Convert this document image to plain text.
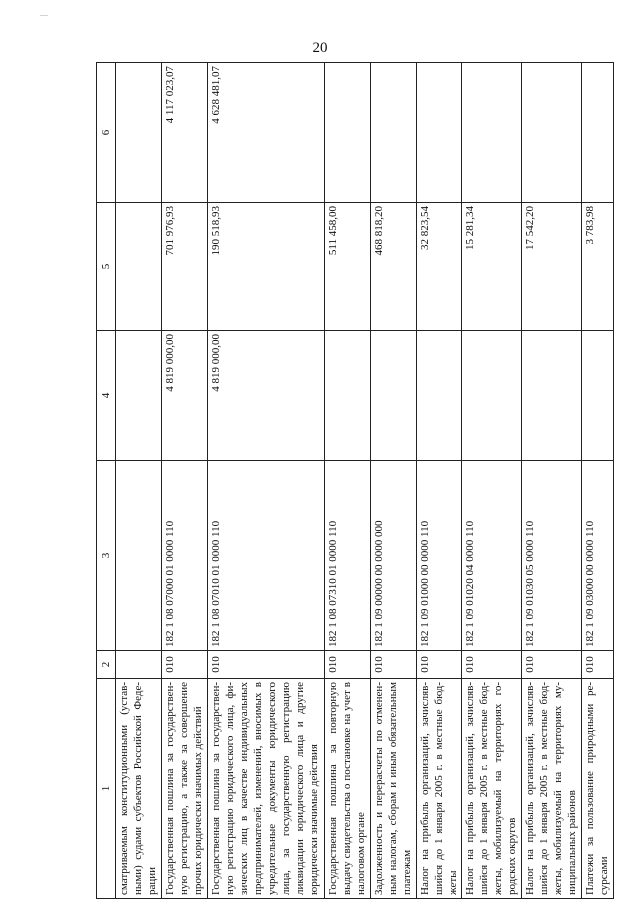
—
20
1	2	3	4	5	6
сматриваемым конституционными (устав-ными) судами субъектов Российской Феде-рации					
Государственная пошлина за государствен-ную регистрацию, а также за совершение прочих юридически значимых действий	010	182 1 08 07000 01 0000 110	4 819 000,00	701 976,93	4 117 023,07
Государственная пошлина за государствен-ную регистрацию юридического лица, фи-зических лиц в качестве индивидуальных предпринимателей, изменений, вносимых в учредительные документы юридического лица, за государственную регистрацию ликвидации юридического лица и другие юридически значимые действия	010	182 1 08 07010 01 0000 110	4 819 000,00	190 518,93	4 628 481,07
Государственная пошлина за повторную выдачу свидетельства о постановке на учет в налоговом органе	010	182 1 08 07310 01 0000 110		511 458,00	
Задолженность и перерасчеты по отменен-ным налогам, сборам и иным обязательным платежам	010	182 1 09 00000 00 0000 000		468 818,20	
Налог на прибыль организаций, зачисляв-шийся до 1 января 2005 г. в местные бюд-жеты	010	182 1 09 01000 00 0000 110		32 823,54	
Налог на прибыль организаций, зачисляв-шийся до 1 января 2005 г. в местные бюд-жеты, мобилизуемый на территориях го-родских округов	010	182 1 09 01020 04 0000 110		15 281,34	
Налог на прибыль организаций, зачисляв-шийся до 1 января 2005 г. в местные бюд-жеты, мобилизуемый на территориях му-ниципальных районов	010	182 1 09 01030 05 0000 110		17 542,20	
Платежи за пользование природными ре-сурсами	010	182 1 09 03000 00 0000 110		3 783,98	
